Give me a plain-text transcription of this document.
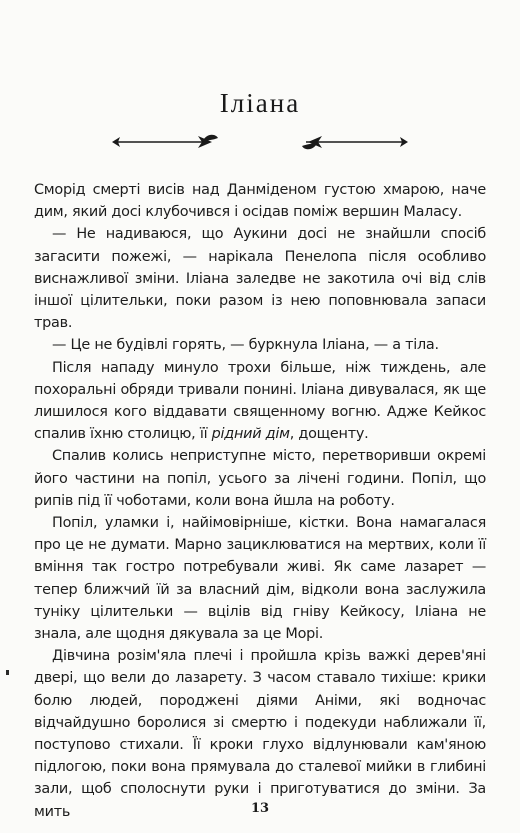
Іліана

Сморід смерті висів над Данміденом густою хмарою, наче дим, який досі клубочився і осідав поміж вершин Маласу.

— Не надиваюся, що Аукини досі не знайшли спосіб загасити пожежі, — нарікала Пенелопа після особливо виснажливої зміни. Іліана заледве не закотила очі від слів іншої цілительки, поки разом із нею поповнювала запаси трав.

— Це не будівлі горять, — буркнула Іліана, — а тіла.

Після нападу минуло трохи більше, ніж тиждень, але похоральні обряди тривали понині. Іліана дивувалася, як ще лишилося кого віддавати священному вогню. Адже Кейкос спалив їхню столицю, її рідний дім, дощенту.

Спалив колись неприступне місто, перетворивши окремі його частини на попіл, усього за лічені години. Попіл, що рипів під її чоботами, коли вона йшла на роботу.

Попіл, уламки і, найімовірніше, кістки. Вона намагалася про це не думати. Марно зациклюватися на мертвих, коли її вміння так гостро потребували живі. Як саме лазарет — тепер ближчий їй за власний дім, відколи вона заслужила туніку цілительки — вцілів від гніву Кейкосу, Іліана не знала, але щодня дякувала за це Морі.

Дівчина розім'яла плечі і пройшла крізь важкі дерев'яні двері, що вели до лазарету. З часом ставало тихіше: крики болю людей, породжені діями Аніми, які водночас відчайдушно боролися зі смертю і подекуди наближали її, поступово стихали. Її кроки глухо відлунювали кам'яною підлогою, поки вона прямувала до сталевої мийки в глибині зали, щоб сполоснути руки і приготуватися до зміни. За мить	13
